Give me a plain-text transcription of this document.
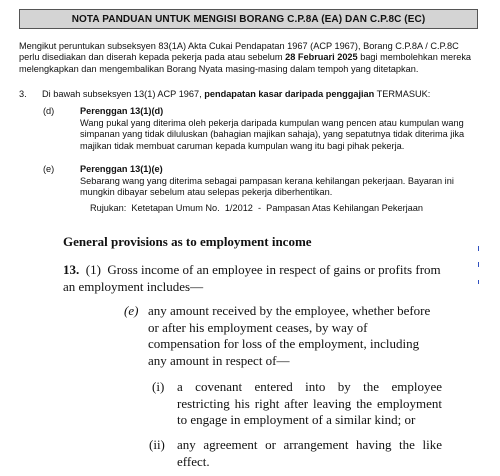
NOTA PANDUAN UNTUK MENGISI BORANG C.P.8A (EA) DAN C.P.8C (EC)
Mengikut peruntukan subseksyen 83(1A) Akta Cukai Pendapatan 1967 (ACP 1967), Borang C.P.8A / C.P.8C perlu disediakan dan diserah kepada pekerja pada atau sebelum 28 Februari 2025 bagi membolehkan mereka melengkapkan dan mengembalikan Borang Nyata masing-masing dalam tempoh yang ditetapkan.
3. Di bawah subseksyen 13(1) ACP 1967, pendapatan kasar daripada penggajian TERMASUK:
(d)	Perenggan 13(1)(d)
Wang pukal yang diterima oleh pekerja daripada kumpulan wang pencen atau kumpulan wang simpanan yang tidak diluluskan (bahagian majikan sahaja), yang sepatutnya tidak diterima jika majikan tidak membuat caruman kepada kumpulan wang itu bagi pihak pekerja.
(e)	Perenggan 13(1)(e)
Sebarang wang yang diterima sebagai pampasan kerana kehilangan pekerjaan. Bayaran ini mungkin dibayar sebelum atau selepas pekerja diberhentikan.
Rujukan:  Ketetapan Umum No.  1/2012  -  Pampasan Atas Kehilangan Pekerjaan
General provisions as to employment income
13. (1) Gross income of an employee in respect of gains or profits from an employment includes—
(e) any amount received by the employee, whether before or after his employment ceases, by way of compensation for loss of the employment, including any amount in respect of—
(i) a covenant entered into by the employee restricting his right after leaving the employment to engage in employment of a similar kind; or
(ii) any agreement or arrangement having the like effect.
